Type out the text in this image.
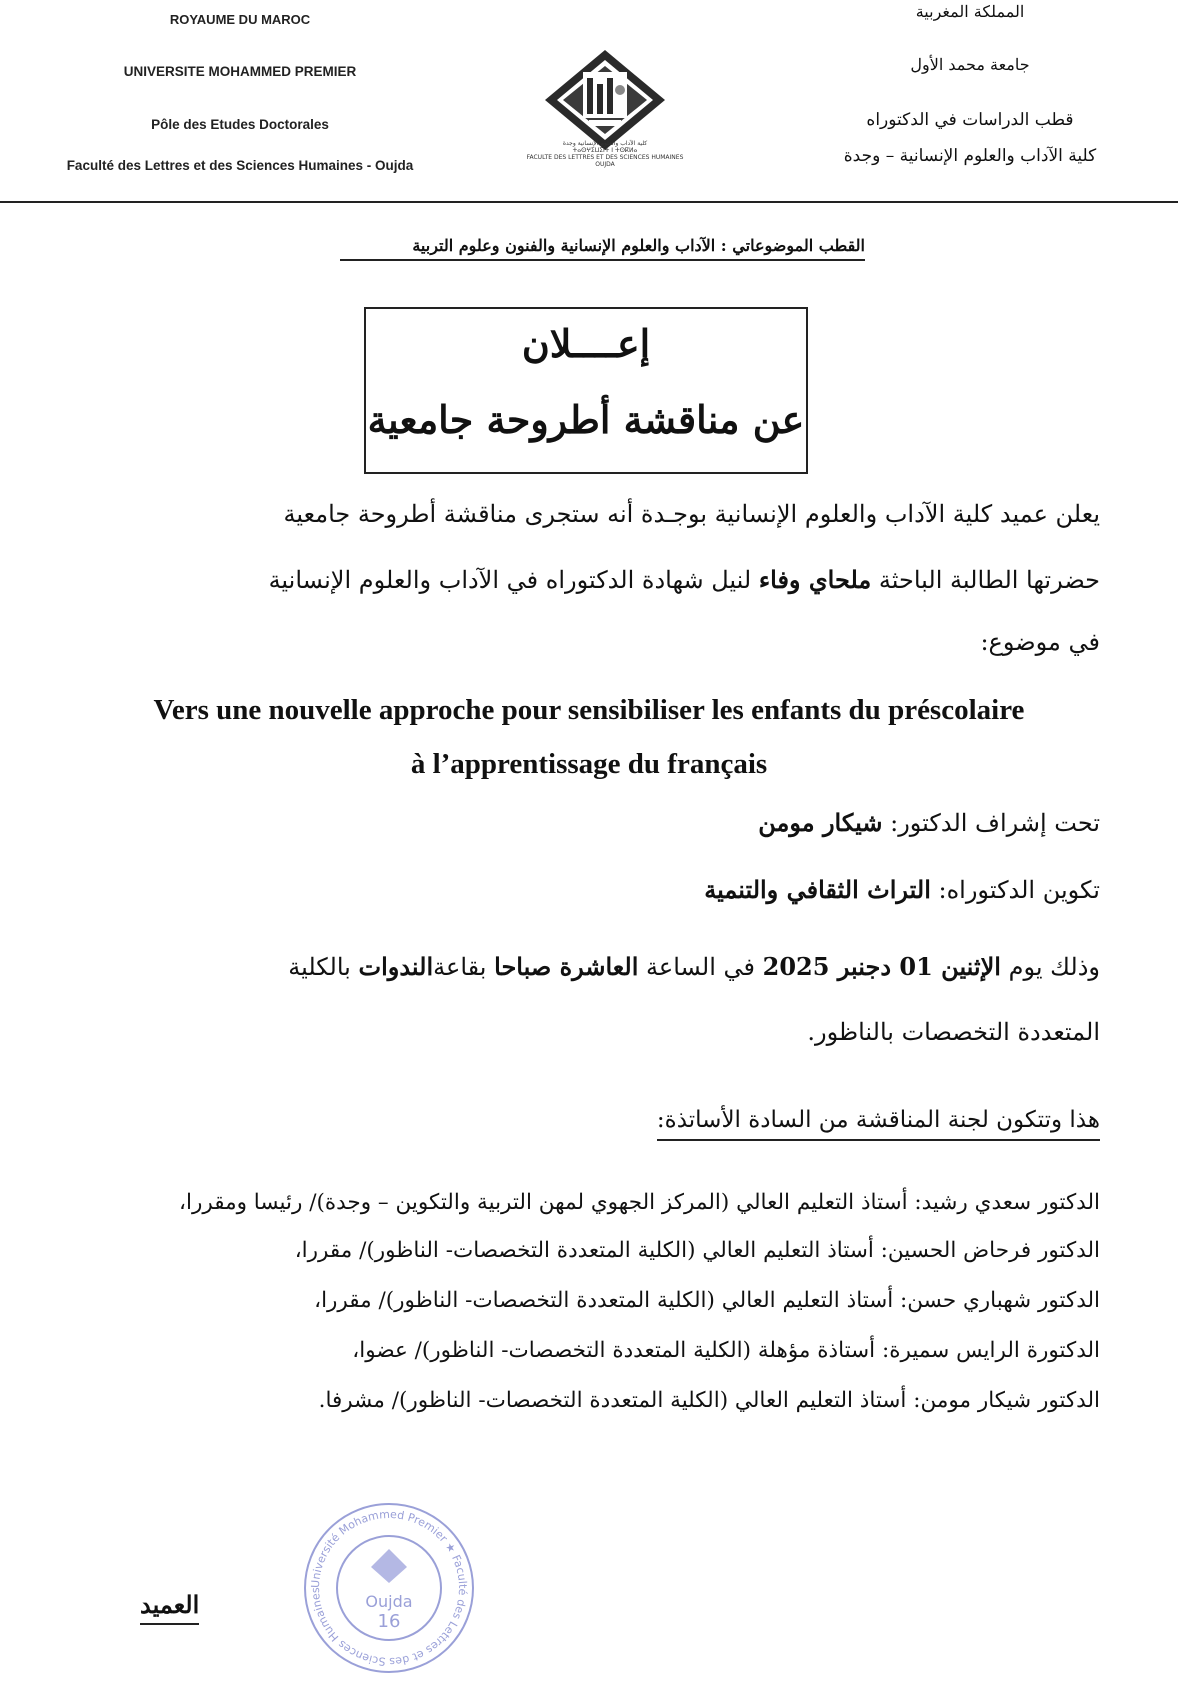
ROYAUME DU MAROC
UNIVERSITE MOHAMMED PREMIER
Pôle des Etudes Doctorales
Faculté des Lettres et des Sciences Humaines - Oujda
كلية الآداب والعلوم الإنسانية وجدة
ⵜⴰⵙⵖⵉⵡⵉⵏⵜ ⵏ ⵜⵙⴽⵍⴰ
FACULTE DES LETTRES ET DES SCIENCES HUMAINES OUJDA
المملكة المغربية
جامعة محمد الأول
قطب الدراسات في الدكتوراه
كلية الآداب والعلوم الإنسانية – وجدة
القطب الموضوعاتي : الآداب والعلوم الإنسانية والفنون وعلوم التربية
إعــــلان
عن مناقشة أطروحة جامعية
يعلن عميد كلية الآداب والعلوم الإنسانية بوجـدة أنه ستجرى مناقشة أطروحة جامعية
حضرتها الطالبة الباحثة ملحاي وفاء لنيل شهادة الدكتوراه في الآداب والعلوم الإنسانية
في موضوع:
Vers une nouvelle approche pour sensibiliser les enfants du préscolaire
à l’apprentissage du français
تحت إشراف الدكتور: شيكار مومن
تكوين الدكتوراه: التراث الثقافي والتنمية
وذلك يوم الإثنين 01 دجنبر 2025 في الساعة العاشرة صباحا بقاعةالندوات بالكلية
المتعددة التخصصات بالناظور.
هذا وتتكون لجنة المناقشة من السادة الأساتذة:
الدكتور سعدي رشيد: أستاذ التعليم العالي (المركز الجهوي لمهن التربية والتكوين – وجدة)/ رئيسا ومقررا،
الدكتور فرحاض الحسين: أستاذ التعليم العالي (الكلية المتعددة التخصصات- الناظور)/ مقررا،
الدكتور شهباري حسن: أستاذ التعليم العالي (الكلية المتعددة التخصصات- الناظور)/ مقررا،
الدكتورة الرايس سميرة: أستاذة مؤهلة (الكلية المتعددة التخصصات- الناظور)/ عضوا،
الدكتور شيكار مومن: أستاذ التعليم العالي (الكلية المتعددة التخصصات- الناظور)/ مشرفا.
Université Mohammed Premier ★ Faculté des Lettres et des Sciences Humaines
Oujda
16
العميد
